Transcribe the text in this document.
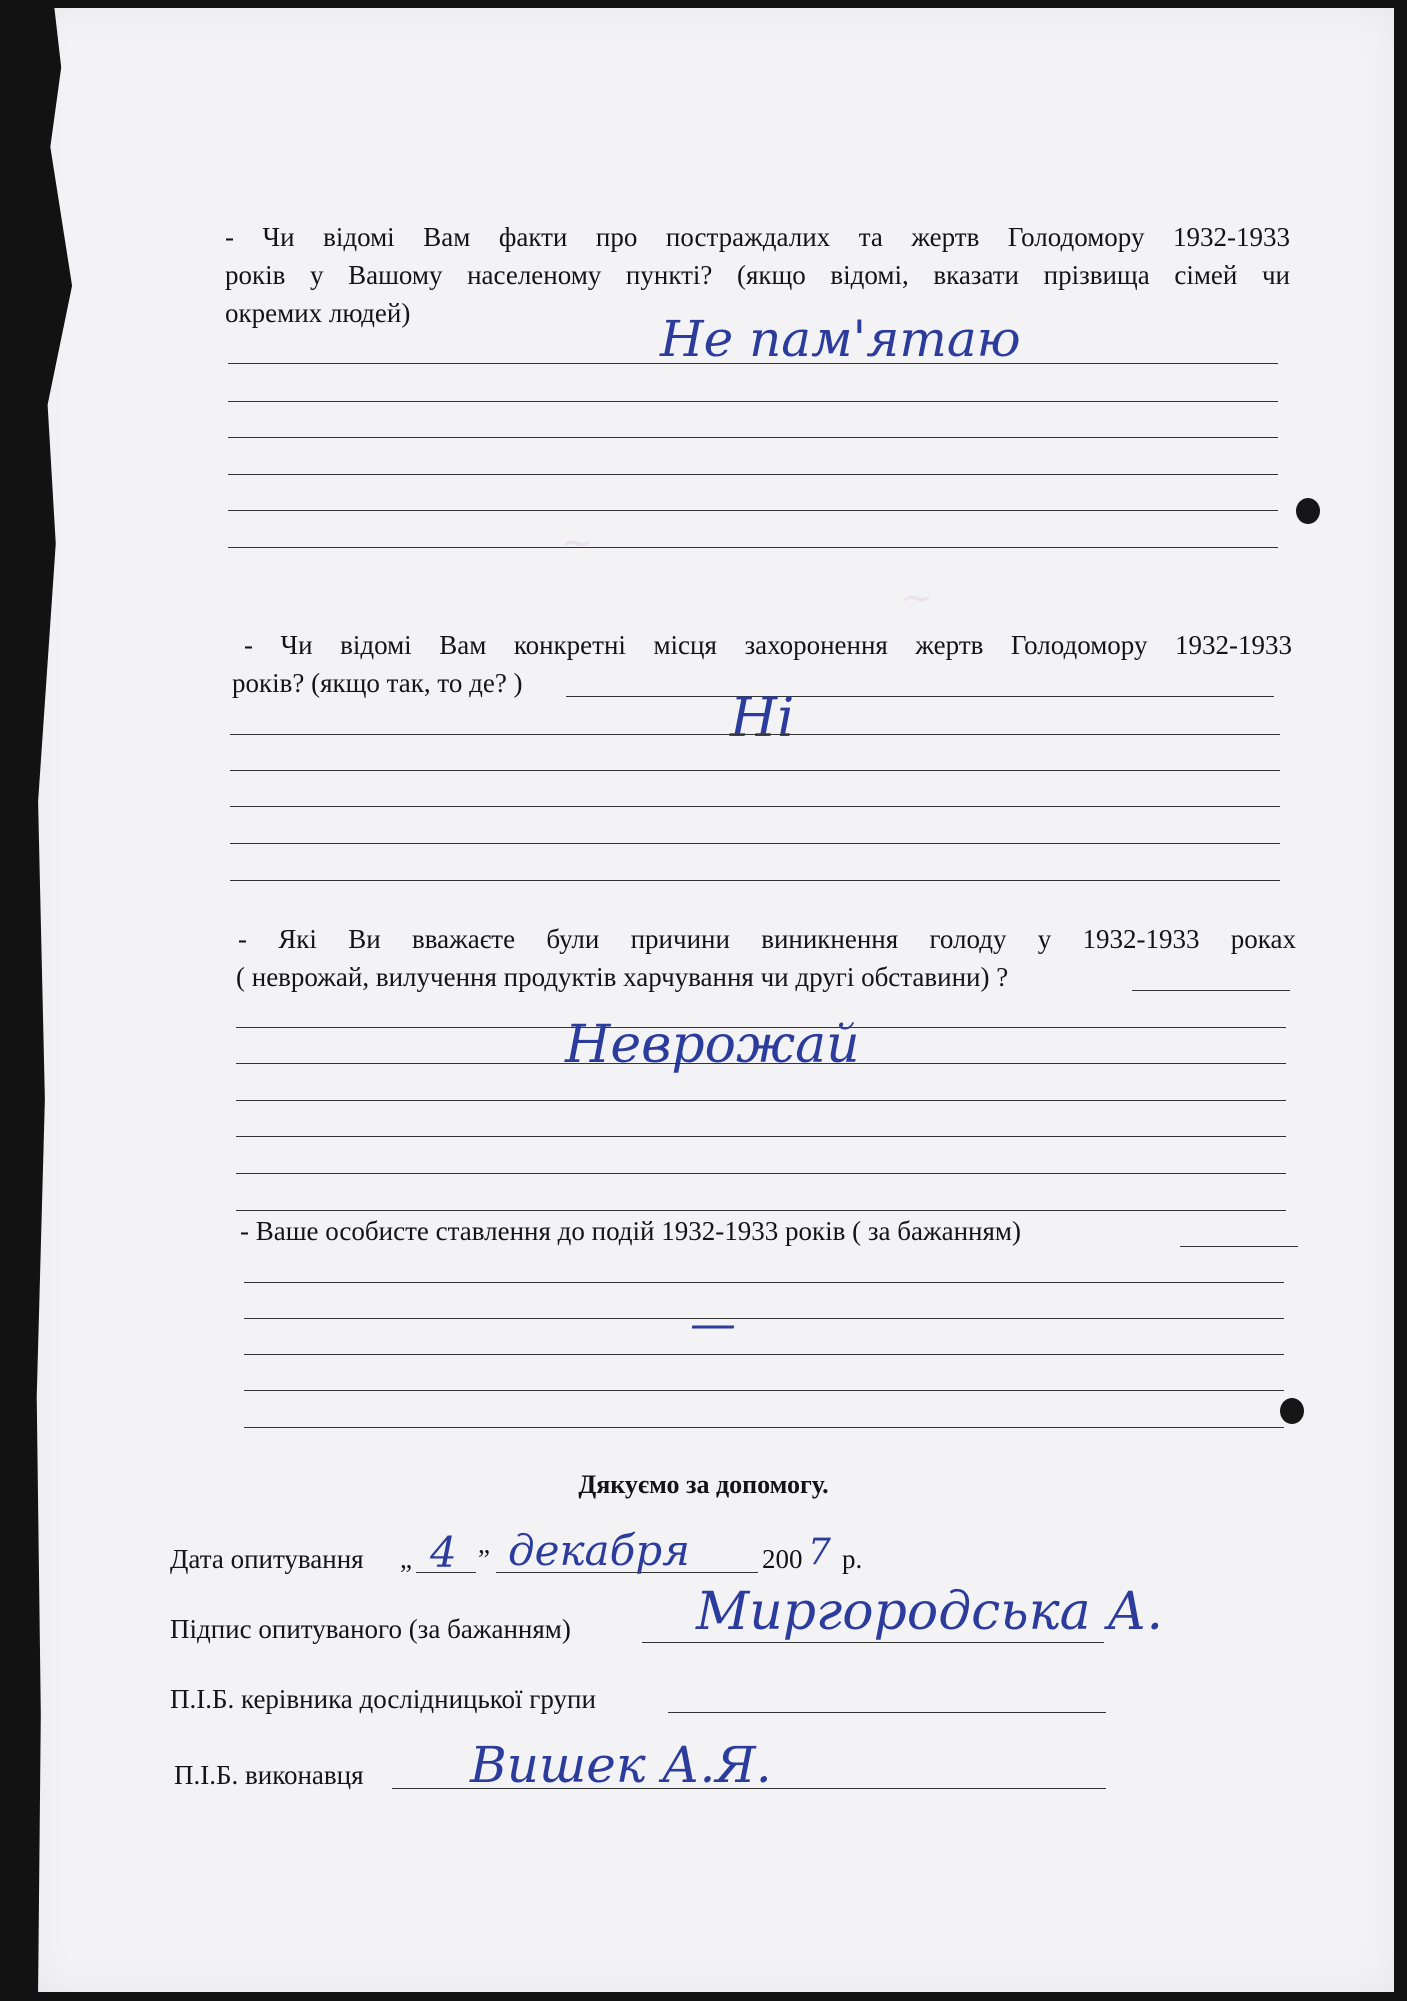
~
~
- Чи відомі Вам факти про постраждалих та жертв Голодомору 1932-1933
років у Вашому населеному пункті? (якщо відомі, вказати прізвища сімей чи
окремих людей)	Не пам'ятаю
- Чи відомі Вам конкретні місця захоронення жертв Голодомору 1932-1933
років? (якщо так, то де? )
Ні
- Які Ви вважаєте були причини виникнення голоду у 1932-1933 роках
( неврожай, вилучення продуктів харчування чи другі обставини) ?
Неврожай
- Ваше особисте ставлення до подій 1932-1933 років ( за бажанням)
—
Дякуємо за допомогу.
Дата опитування „ 4 ” декабря	200 7 р.
Підпис опитуваного (за бажанням) Миргородська А.
П.І.Б. керівника дослідницької групи
П.І.Б. виконавця Вишек А.Я.
